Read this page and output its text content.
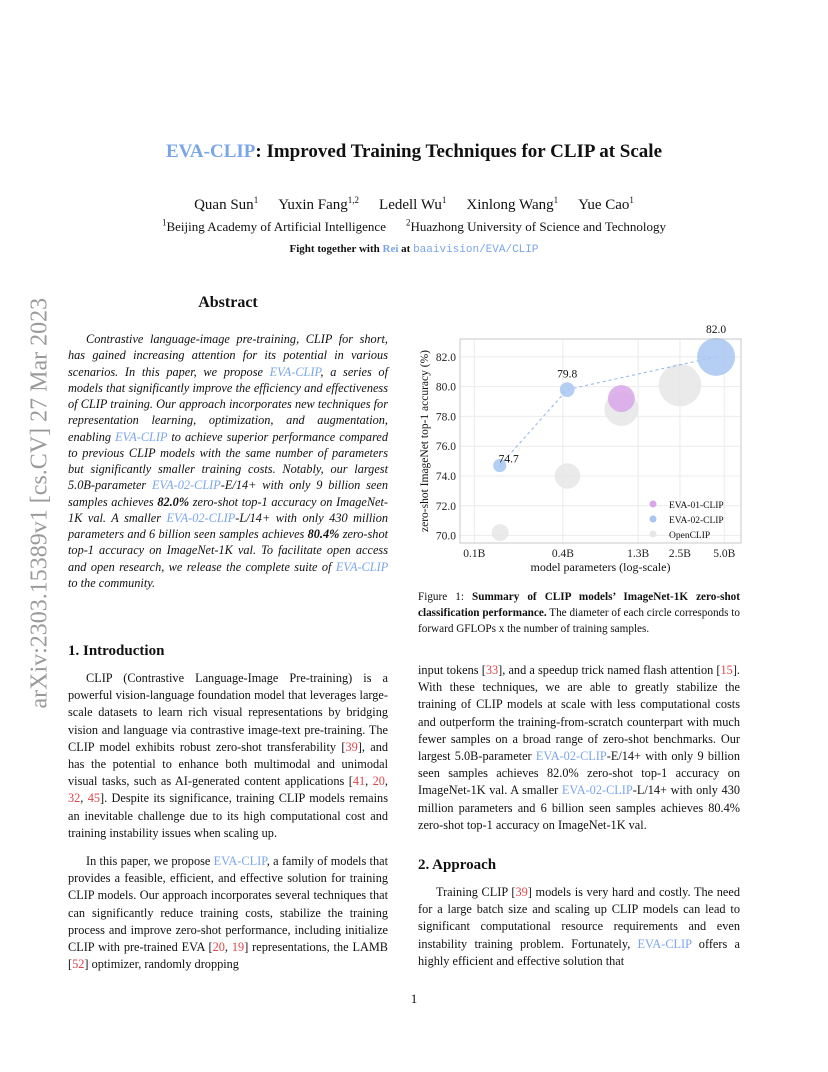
arXiv:2303.15389v1 [cs.CV] 27 Mar 2023
EVA-CLIP: Improved Training Techniques for CLIP at Scale
Quan Sun$^1$ Yuxin Fang$^{1,2}$ Ledell Wu$^1$ Xinlong Wang$^1$ Yue Cao$^1$
$^1$Beijing Academy of Artificial Intelligence $^2$Huazhong University of Science and Technology
Fight together with Rei at baaivision/EVA/CLIP
Abstract
Contrastive language-image pre-training, CLIP for short, has gained increasing attention for its potential in various scenarios. In this paper, we propose EVA-CLIP, a series of models that significantly improve the efficiency and effectiveness of CLIP training. Our approach incorporates new techniques for representation learning, optimization, and augmentation, enabling EVA-CLIP to achieve superior performance compared to previous CLIP models with the same number of parameters but significantly smaller training costs. Notably, our largest 5.0B-parameter EVA-02-CLIP-E/14+ with only 9 billion seen samples achieves 82.0% zero-shot top-1 accuracy on ImageNet-1K val. A smaller EVA-02-CLIP-L/14+ with only 430 million parameters and 6 billion seen samples achieves 80.4% zero-shot top-1 accuracy on ImageNet-1K val. To facilitate open access and open research, we release the complete suite of EVA-CLIP to the community.
1. Introduction
CLIP (Contrastive Language-Image Pre-training) is a powerful vision-language foundation model that leverages large-scale datasets to learn rich visual representations by bridging vision and language via contrastive image-text pre-training. The CLIP model exhibits robust zero-shot transferability [39], and has the potential to enhance both multimodal and unimodal visual tasks, such as AI-generated content applications [41, 20, 32, 45]. Despite its significance, training CLIP models remains an inevitable challenge due to its high computational cost and training instability issues when scaling up.
In this paper, we propose EVA-CLIP, a family of models that provides a feasible, efficient, and effective solution for training CLIP models. Our approach incorporates several techniques that can significantly reduce training costs, stabilize the training process and improve zero-shot performance, including initialize CLIP with pre-trained EVA [20, 19] representations, the LAMB [52] optimizer, randomly dropping
70.0
72.0
74.0
76.0
78.0
80.0
82.0
0.1B	0.4B	1.3B 2.5B 5.0B
model parameters (log-scale)
zero-shot ImageNet top-1 accuracy (%)	74.7
79.8
82.0
EVA-01-CLIP
EVA-02-CLIP
OpenCLIP
Figure 1: Summary of CLIP models’ ImageNet-1K zero-shot classification performance. The diameter of each circle corresponds to forward GFLOPs x the number of training samples.
input tokens [33], and a speedup trick named flash attention [15]. With these techniques, we are able to greatly stabilize the training of CLIP models at scale with less computational costs and outperform the training-from-scratch counterpart with much fewer samples on a broad range of zero-shot benchmarks. Our largest 5.0B-parameter EVA-02-CLIP-E/14+ with only 9 billion seen samples achieves 82.0% zero-shot top-1 accuracy on ImageNet-1K val. A smaller EVA-02-CLIP-L/14+ with only 430 million parameters and 6 billion seen samples achieves 80.4% zero-shot top-1 accuracy on ImageNet-1K val.
2. Approach
Training CLIP [39] models is very hard and costly. The need for a large batch size and scaling up CLIP models can lead to significant computational resource requirements and even instability training problem. Fortunately, EVA-CLIP offers a highly efficient and effective solution that
1
